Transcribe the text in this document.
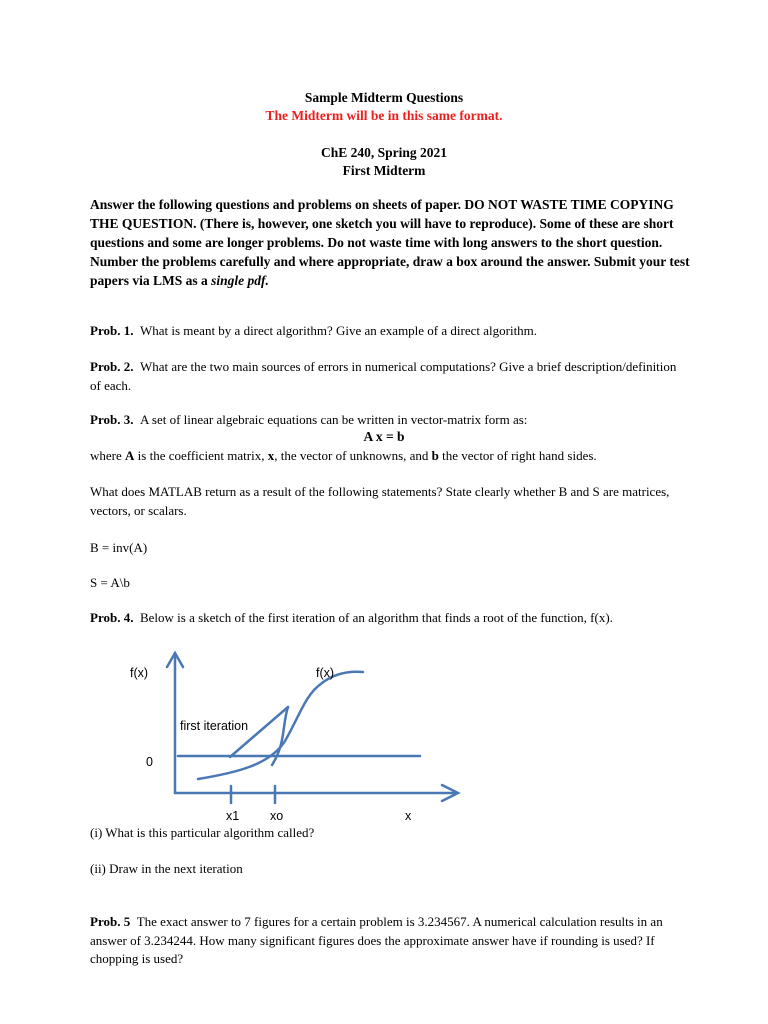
Sample Midterm Questions
The Midterm will be in this same format.
ChE 240, Spring 2021
First Midterm
Answer the following questions and problems on sheets of paper. DO NOT WASTE TIME COPYING THE QUESTION. (There is, however, one sketch you will have to reproduce). Some of these are short questions and some are longer problems. Do not waste time with long answers to the short question. Number the problems carefully and where appropriate, draw a box around the answer. Submit your test papers via LMS as a single pdf.
Prob. 1. What is meant by a direct algorithm? Give an example of a direct algorithm.
Prob. 2. What are the two main sources of errors in numerical computations? Give a brief description/definition of each.
Prob. 3. A set of linear algebraic equations can be written in vector-matrix form as:
A x = b
where A is the coefficient matrix, x, the vector of unknowns, and b the vector of right hand sides.
What does MATLAB return as a result of the following statements? State clearly whether B and S are matrices, vectors, or scalars.
B = inv(A)
S = A\b
Prob. 4. Below is a sketch of the first iteration of an algorithm that finds a root of the function, f(x).
f(x)	f(x)
first iteration
0
x1 xo	x
(i) What is this particular algorithm called?
(ii) Draw in the next iteration
Prob. 5 The exact answer to 7 figures for a certain problem is 3.234567. A numerical calculation results in an answer of 3.234244. How many significant figures does the approximate answer have if rounding is used? If chopping is used?
